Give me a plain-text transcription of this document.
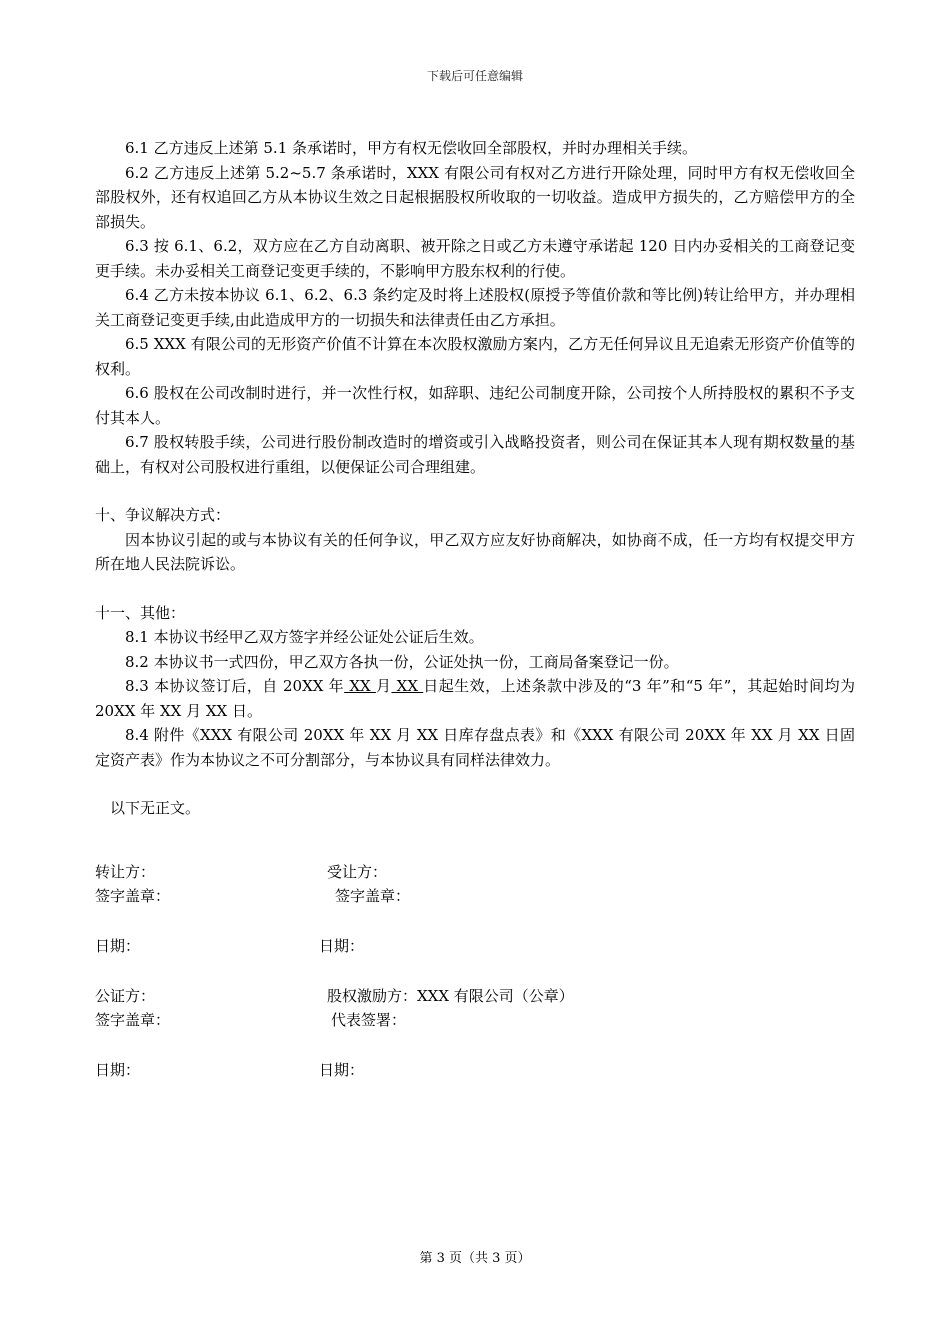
下载后可任意编辑

6.1 乙方违反上述第 5.1 条承诺时，甲方有权无偿收回全部股权，并时办理相关手续。

6.2 乙方违反上述第 5.2~5.7 条承诺时，XXX 有限公司有权对乙方进行开除处理，同时甲方有权无偿收回全部股权外，还有权追回乙方从本协议生效之日起根据股权所收取的一切收益。造成甲方损失的，乙方赔偿甲方的全部损失。

6.3 按 6.1、6.2，双方应在乙方自动离职、被开除之日或乙方未遵守承诺起 120 日内办妥相关的工商登记变更手续。未办妥相关工商登记变更手续的，不影响甲方股东权利的行使。

6.4 乙方未按本协议 6.1、6.2、6.3 条约定及时将上述股权(原授予等值价款和等比例)转让给甲方，并办理相关工商登记变更手续,由此造成甲方的一切损失和法律责任由乙方承担。

6.5 XXX 有限公司的无形资产价值不计算在本次股权激励方案内，乙方无任何异议且无追索无形资产价值等的权利。

6.6 股权在公司改制时进行，并一次性行权，如辞职、违纪公司制度开除，公司按个人所持股权的累积不予支付其本人。

6.7 股权转股手续，公司进行股份制改造时的增资或引入战略投资者，则公司在保证其本人现有期权数量的基础上，有权对公司股权进行重组，以便保证公司合理组建。

十、争议解决方式：

因本协议引起的或与本协议有关的任何争议，甲乙双方应友好协商解决，如协商不成，任一方均有权提交甲方所在地人民法院诉讼。

十一、其他：

8.1 本协议书经甲乙双方签字并经公证处公证后生效。

8.2 本协议书一式四份，甲乙双方各执一份，公证处执一份，工商局备案登记一份。

8.3 本协议签订后，自 20XX 年 XX 月 XX 日起生效，上述条款中涉及的“3 年”和“5 年”，其起始时间均为 20XX 年 XX 月 XX 日。

8.4 附件《XXX 有限公司 20XX 年 XX 月 XX 日库存盘点表》和《XXX 有限公司 20XX 年 XX 月 XX 日固定资产表》作为本协议之不可分割部分，与本协议具有同样法律效力。

以下无正文。

转让方：	受让方：
签字盖章：	签字盖章：
日期：	日期：
公证方：	股权激励方：XXX 有限公司（公章）
签字盖章：	代表签署：
日期：	日期：
第 3 页（共 3 页）
